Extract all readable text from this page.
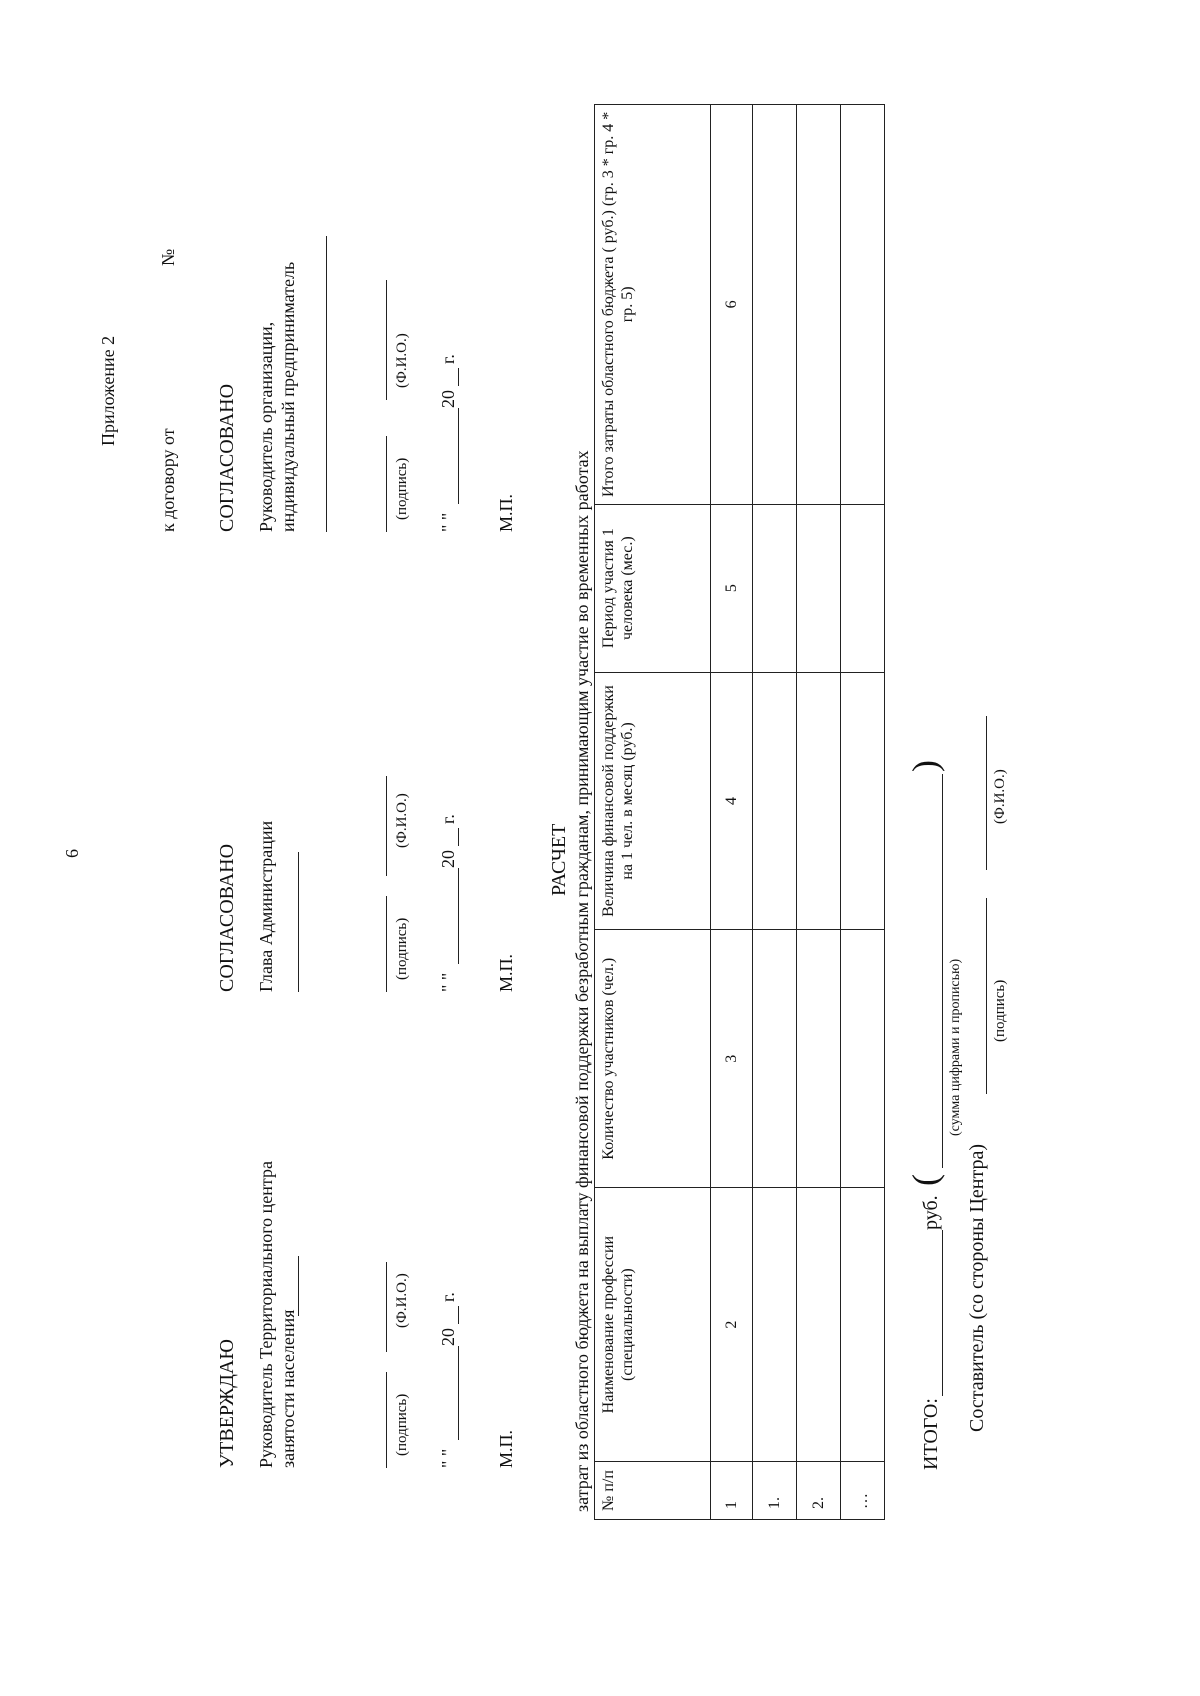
6
Приложение 2
к договору от
№
УТВЕРЖДАЮ Руководитель Территориального центра занятости населения	(подпись)
(Ф.И.О.)
" "
20
г.
М.П.
СОГЛАСОВАНО Глава Администрации	(подпись)
(Ф.И.О.)
" "
20
г.
М.П.
СОГЛАСОВАНО Руководитель организации, индивидуальный предприниматель	(подпись)
(Ф.И.О.)
" "
20
г.
М.П.
РАСЧЕТ затрат из областного бюджета на выплату финансовой поддержки безработным гражданам, принимающим участие во временных работах № п/п	Наименование профессии (специальности)	Количество участников (чел.)	Величина финансовой поддержки на 1 чел. в месяц (руб.)	Период участия 1 человека (мес.)	Итого затраты областного бюджета ( руб.) (гр. 3 * гр. 4 * гр. 5)
1	2	3	4	5	6
1.					
2.					
…					
ИТОГО:
руб.
(
)
(сумма цифрами и прописью)
Составитель (со стороны Центра)
(подпись)
(Ф.И.О.)
